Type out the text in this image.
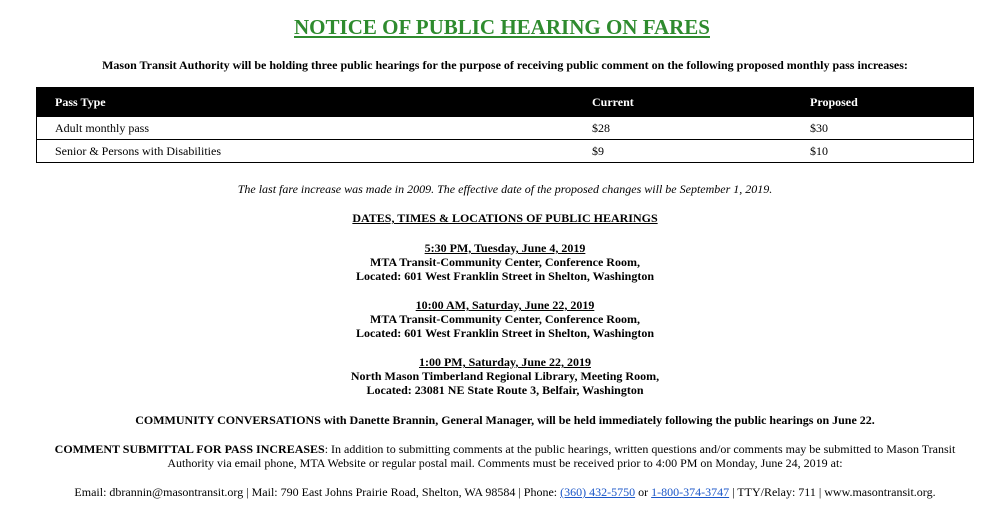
NOTICE OF PUBLIC HEARING ON FARES
Mason Transit Authority will be holding three public hearings for the purpose of receiving public comment on the following proposed monthly pass increases:
Pass Type	Current	Proposed
Adult monthly pass	$28	$30
Senior & Persons with Disabilities	$9	$10
The last fare increase was made in 2009. The effective date of the proposed changes will be September 1, 2019.
DATES, TIMES & LOCATIONS OF PUBLIC HEARINGS
5:30 PM, Tuesday, June 4, 2019
MTA Transit-Community Center, Conference Room,
Located: 601 West Franklin Street in Shelton, Washington
10:00 AM, Saturday, June 22, 2019
MTA Transit-Community Center, Conference Room,
Located: 601 West Franklin Street in Shelton, Washington
1:00 PM, Saturday, June 22, 2019
North Mason Timberland Regional Library, Meeting Room,
Located: 23081 NE State Route 3, Belfair, Washington
COMMUNITY CONVERSATIONS with Danette Brannin, General Manager, will be held immediately following the public hearings on June 22.
COMMENT SUBMITTAL FOR PASS INCREASES: In addition to submitting comments at the public hearings, written questions and/or comments may be submitted to Mason Transit Authority via email phone, MTA Website or regular postal mail. Comments must be received prior to 4:00 PM on Monday, June 24, 2019 at:
Email: dbrannin@masontransit.org | Mail: 790 East Johns Prairie Road, Shelton, WA 98584 | Phone: (360) 432-5750 or 1-800-374-3747 | TTY/Relay: 711 | www.masontransit.org.
